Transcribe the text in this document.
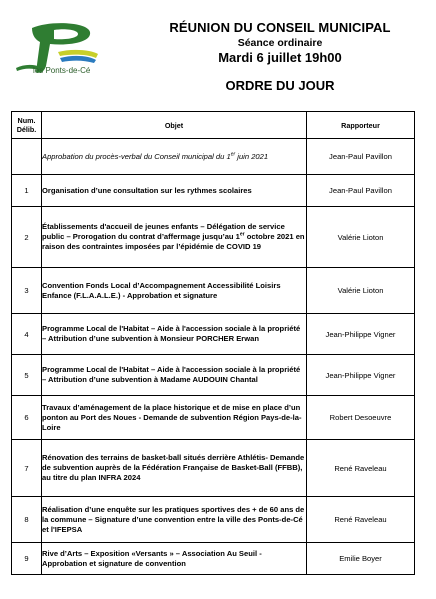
les Ponts-de-Cé
RÉUNION DU CONSEIL MUNICIPAL
Séance ordinaire
Mardi 6 juillet 19h00
ORDRE DU JOUR
Num.
Délib.	Objet	Rapporteur
	Approbation du procès-verbal du Conseil municipal du 1er juin 2021	Jean-Paul Pavillon
1	Organisation d’une consultation sur les rythmes scolaires	Jean-Paul Pavillon
2	Établissements d'accueil de jeunes enfants – Délégation de service public – Prorogation du contrat d’affermage jusqu’au 1er octobre 2021 en raison des contraintes imposées par l’épidémie de COVID 19	Valérie Lioton
3	Convention Fonds Local d’Accompagnement Accessibilité Loisirs Enfance (F.L.A.A.L.E.) - Approbation et signature	Valérie Lioton
4	Programme Local de l'Habitat – Aide à l'accession sociale à la propriété – Attribution d’une subvention à Monsieur PORCHER Erwan	Jean-Philippe Vigner
5	Programme Local de l'Habitat – Aide à l'accession sociale à la propriété – Attribution d’une subvention à Madame AUDOUIN Chantal	Jean-Philippe Vigner
6	Travaux d’aménagement de la place historique et de mise en place d’un ponton au Port des Noues - Demande de subvention Région Pays-de-la-Loire	Robert Desoeuvre
7	Rénovation des terrains de basket-ball situés derrière Athlétis- Demande de subvention auprès de la Fédération Française de Basket-Ball (FFBB), au titre du plan INFRA 2024	René Raveleau
8	Réalisation d’une enquête sur les pratiques sportives des + de 60 ans de la commune – Signature d’une convention entre la ville des Ponts-de-Cé et l'IFEPSA	René Raveleau
9	Rive d’Arts – Exposition «Versants » – Association Au Seuil - Approbation et signature de convention	Emilie Boyer
